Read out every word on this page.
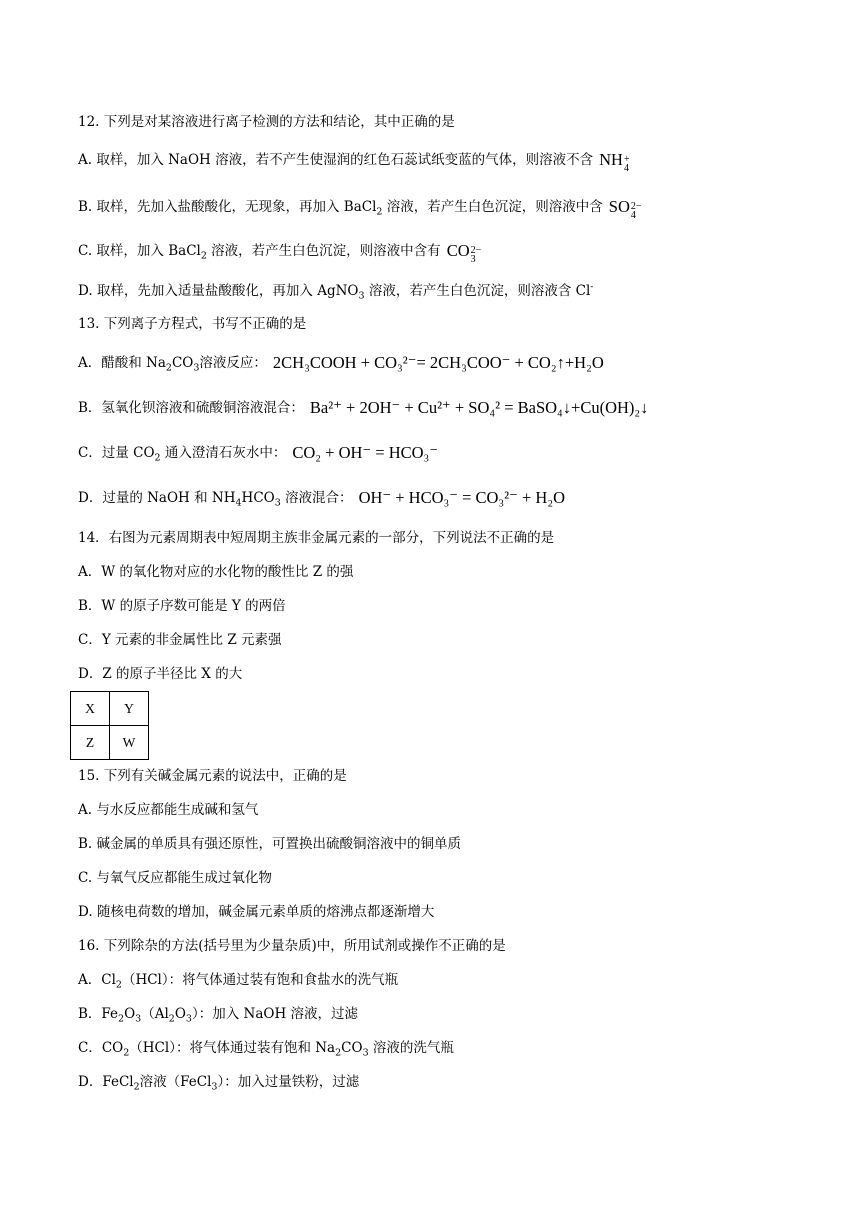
12. 下列是对某溶液进行离子检测的方法和结论，其中正确的是

A. 取样，加入 NaOH 溶液，若不产生使湿润的红色石蕊试纸变蓝的气体，则溶液不含 NH +
4

B. 取样，先加入盐酸酸化，无现象，再加入 BaCl$_2$ 溶液，若产生白色沉淀，则溶液中含 SO 2−
4

C. 取样，加入 BaCl$_2$ 溶液，若产生白色沉淀，则溶液中含有 CO 2−
3

D. 取样，先加入适量盐酸酸化，再加入 AgNO$_3$ 溶液，若产生白色沉淀，则溶液含 Cl-

13. 下列离子方程式，书写不正确的是

A．醋酸和 $Na_2CO_3$溶液反应： 2CH₃COOH + CO₃²⁻= 2CH₃COO⁻ + CO₂↑+H₂O

B．氢氧化钡溶液和硫酸铜溶液混合： Ba²⁺ + 2OH⁻ + Cu²⁺ + SO₄² = BaSO₄↓+Cu(OH)₂↓

C．过量 $CO_2$ 通入澄清石灰水中： CO₂ + OH⁻ = HCO₃⁻

D．过量的 NaOH 和 $NH_4HCO_3$ 溶液混合： OH⁻ + HCO₃⁻ = CO₃²⁻ + H₂O

14．右图为元素周期表中短周期主族非金属元素的一部分，下列说法不正确的是

A．W 的氧化物对应的水化物的酸性比 Z 的强

B．W 的原子序数可能是 Y 的两倍

C．Y 元素的非金属性比 Z 元素强

D．Z 的原子半径比 X 的大

X	Y
Z	W

15. 下列有关碱金属元素的说法中，正确的是

A. 与水反应都能生成碱和氢气

B. 碱金属的单质具有强还原性，可置换出硫酸铜溶液中的铜单质

C. 与氧气反应都能生成过氧化物

D. 随核电荷数的增加，碱金属元素单质的熔沸点都逐渐增大

16. 下列除杂的方法(括号里为少量杂质)中，所用试剂或操作不正确的是

A．$Cl_2(HCl)$：将气体通过装有饱和食盐水的洗气瓶

B．$Fe_2O_3(Al_2O_3)$：加入 NaOH 溶液，过滤

C．$CO_2(HCl)$：将气体通过装有饱和 $Na_2CO_3$ 溶液的洗气瓶

D．FeCl$_2$溶液（FeCl$_3$）：加入过量铁粉，过滤
